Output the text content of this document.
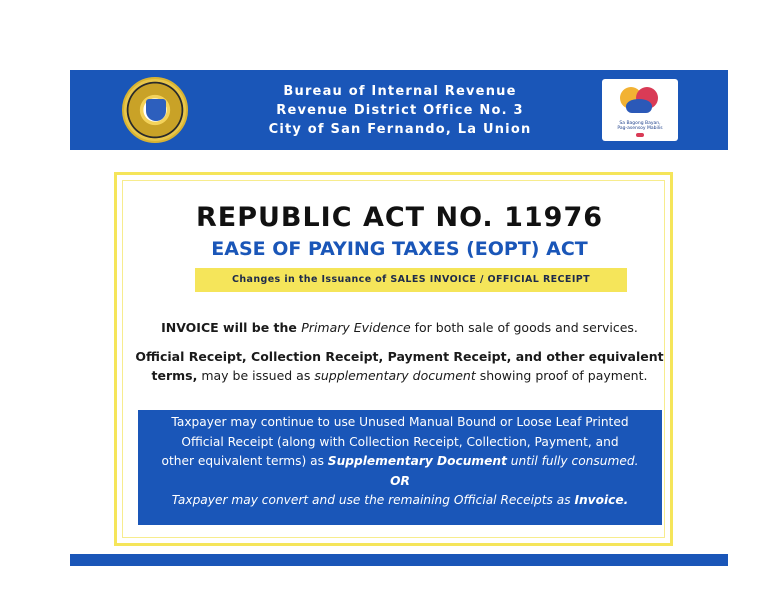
Bureau of Internal Revenue
Revenue District Office No. 3
City of San Fernando, La Union	Sa Bagong Bayan,
Pag-asensoy Mabilis
REPUBLIC ACT NO. 11976
EASE OF PAYING TAXES (EOPT) ACT
Changes in the Issuance of SALES INVOICE / OFFICIAL RECEIPT
INVOICE will be the Primary Evidence for both sale of goods and services.
Official Receipt, Collection Receipt, Payment Receipt, and other equivalent terms, may be issued as supplementary document showing proof of payment.
Taxpayer may continue to use Unused Manual Bound or Loose Leaf Printed
Official Receipt (along with Collection Receipt, Collection, Payment, and
other equivalent terms) as Supplementary Document until fully consumed.
OR
Taxpayer may convert and use the remaining Official Receipts as Invoice.
